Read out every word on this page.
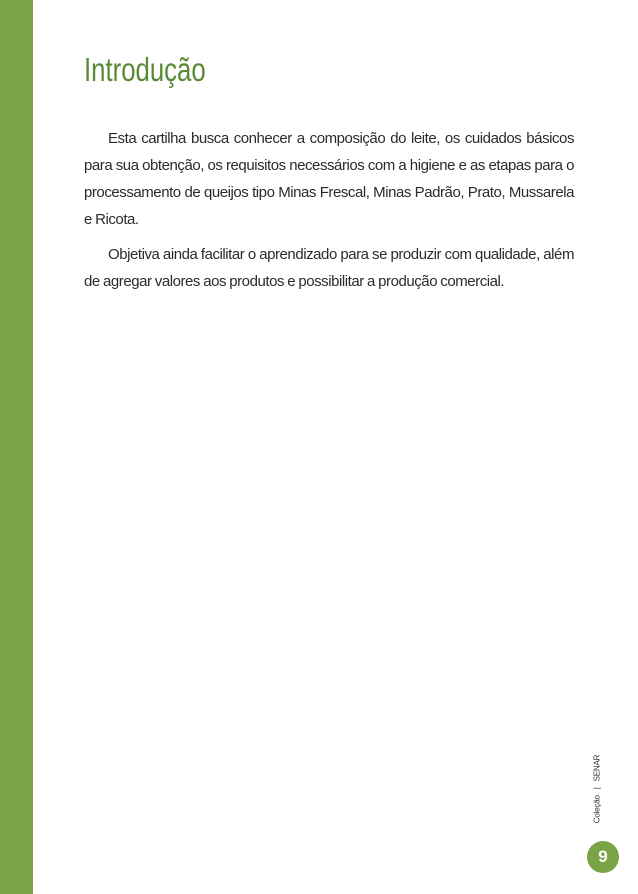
Introdução

Esta cartilha busca conhecer a composição do leite, os cuidados básicos para sua obtenção, os requisitos necessários com a higiene e as etapas para o processamento de queijos tipo Minas Frescal, Minas Padrão, Prato, Mussarela e Ricota.

Objetiva ainda facilitar o aprendizado para se produzir com qualidade, além de agregar valores aos produtos e possibilitar a produção comercial.

Coleção | SENAR
9
